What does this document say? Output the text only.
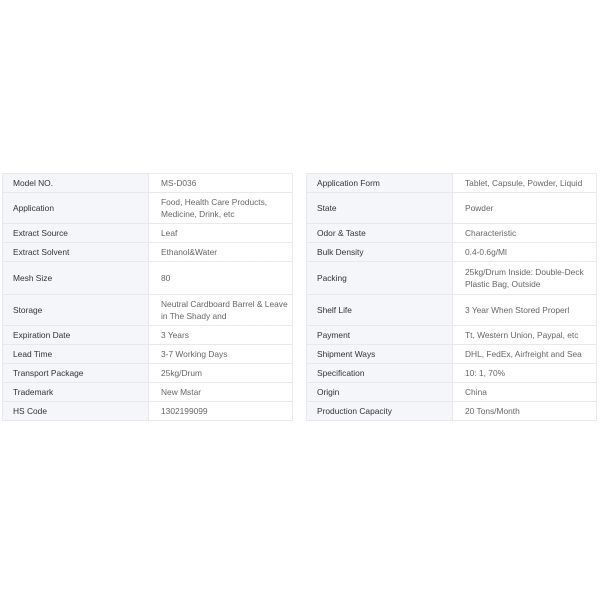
Model NO.	MS-D036

Application	Food, Health Care Products, Medicine, Drink, etc

Extract Source	Leaf

Extract Solvent	Ethanol&Water

Mesh Size	80

Storage	Neutral Cardboard Barrel & Leave in The Shady and

Expiration Date	3 Years

Lead Time	3-7 Working Days

Transport Package	25kg/Drum

Trademark	New Mstar

HS Code	1302199099
Application Form	Tablet, Capsule, Powder, Liquid

State	Powder

Odor & Taste	Characteristic

Bulk Density	0.4-0.6g/Ml

Packing	25kg/Drum Inside: Double-Deck Plastic Bag, Outside

Shelf Life	3 Year When Stored Properl

Payment	Tt, Western Union, Paypal, etc

Shipment Ways	DHL, FedEx, Airfreight and Sea

Specification	10: 1, 70%

Origin	China

Production Capacity	20 Tons/Month
